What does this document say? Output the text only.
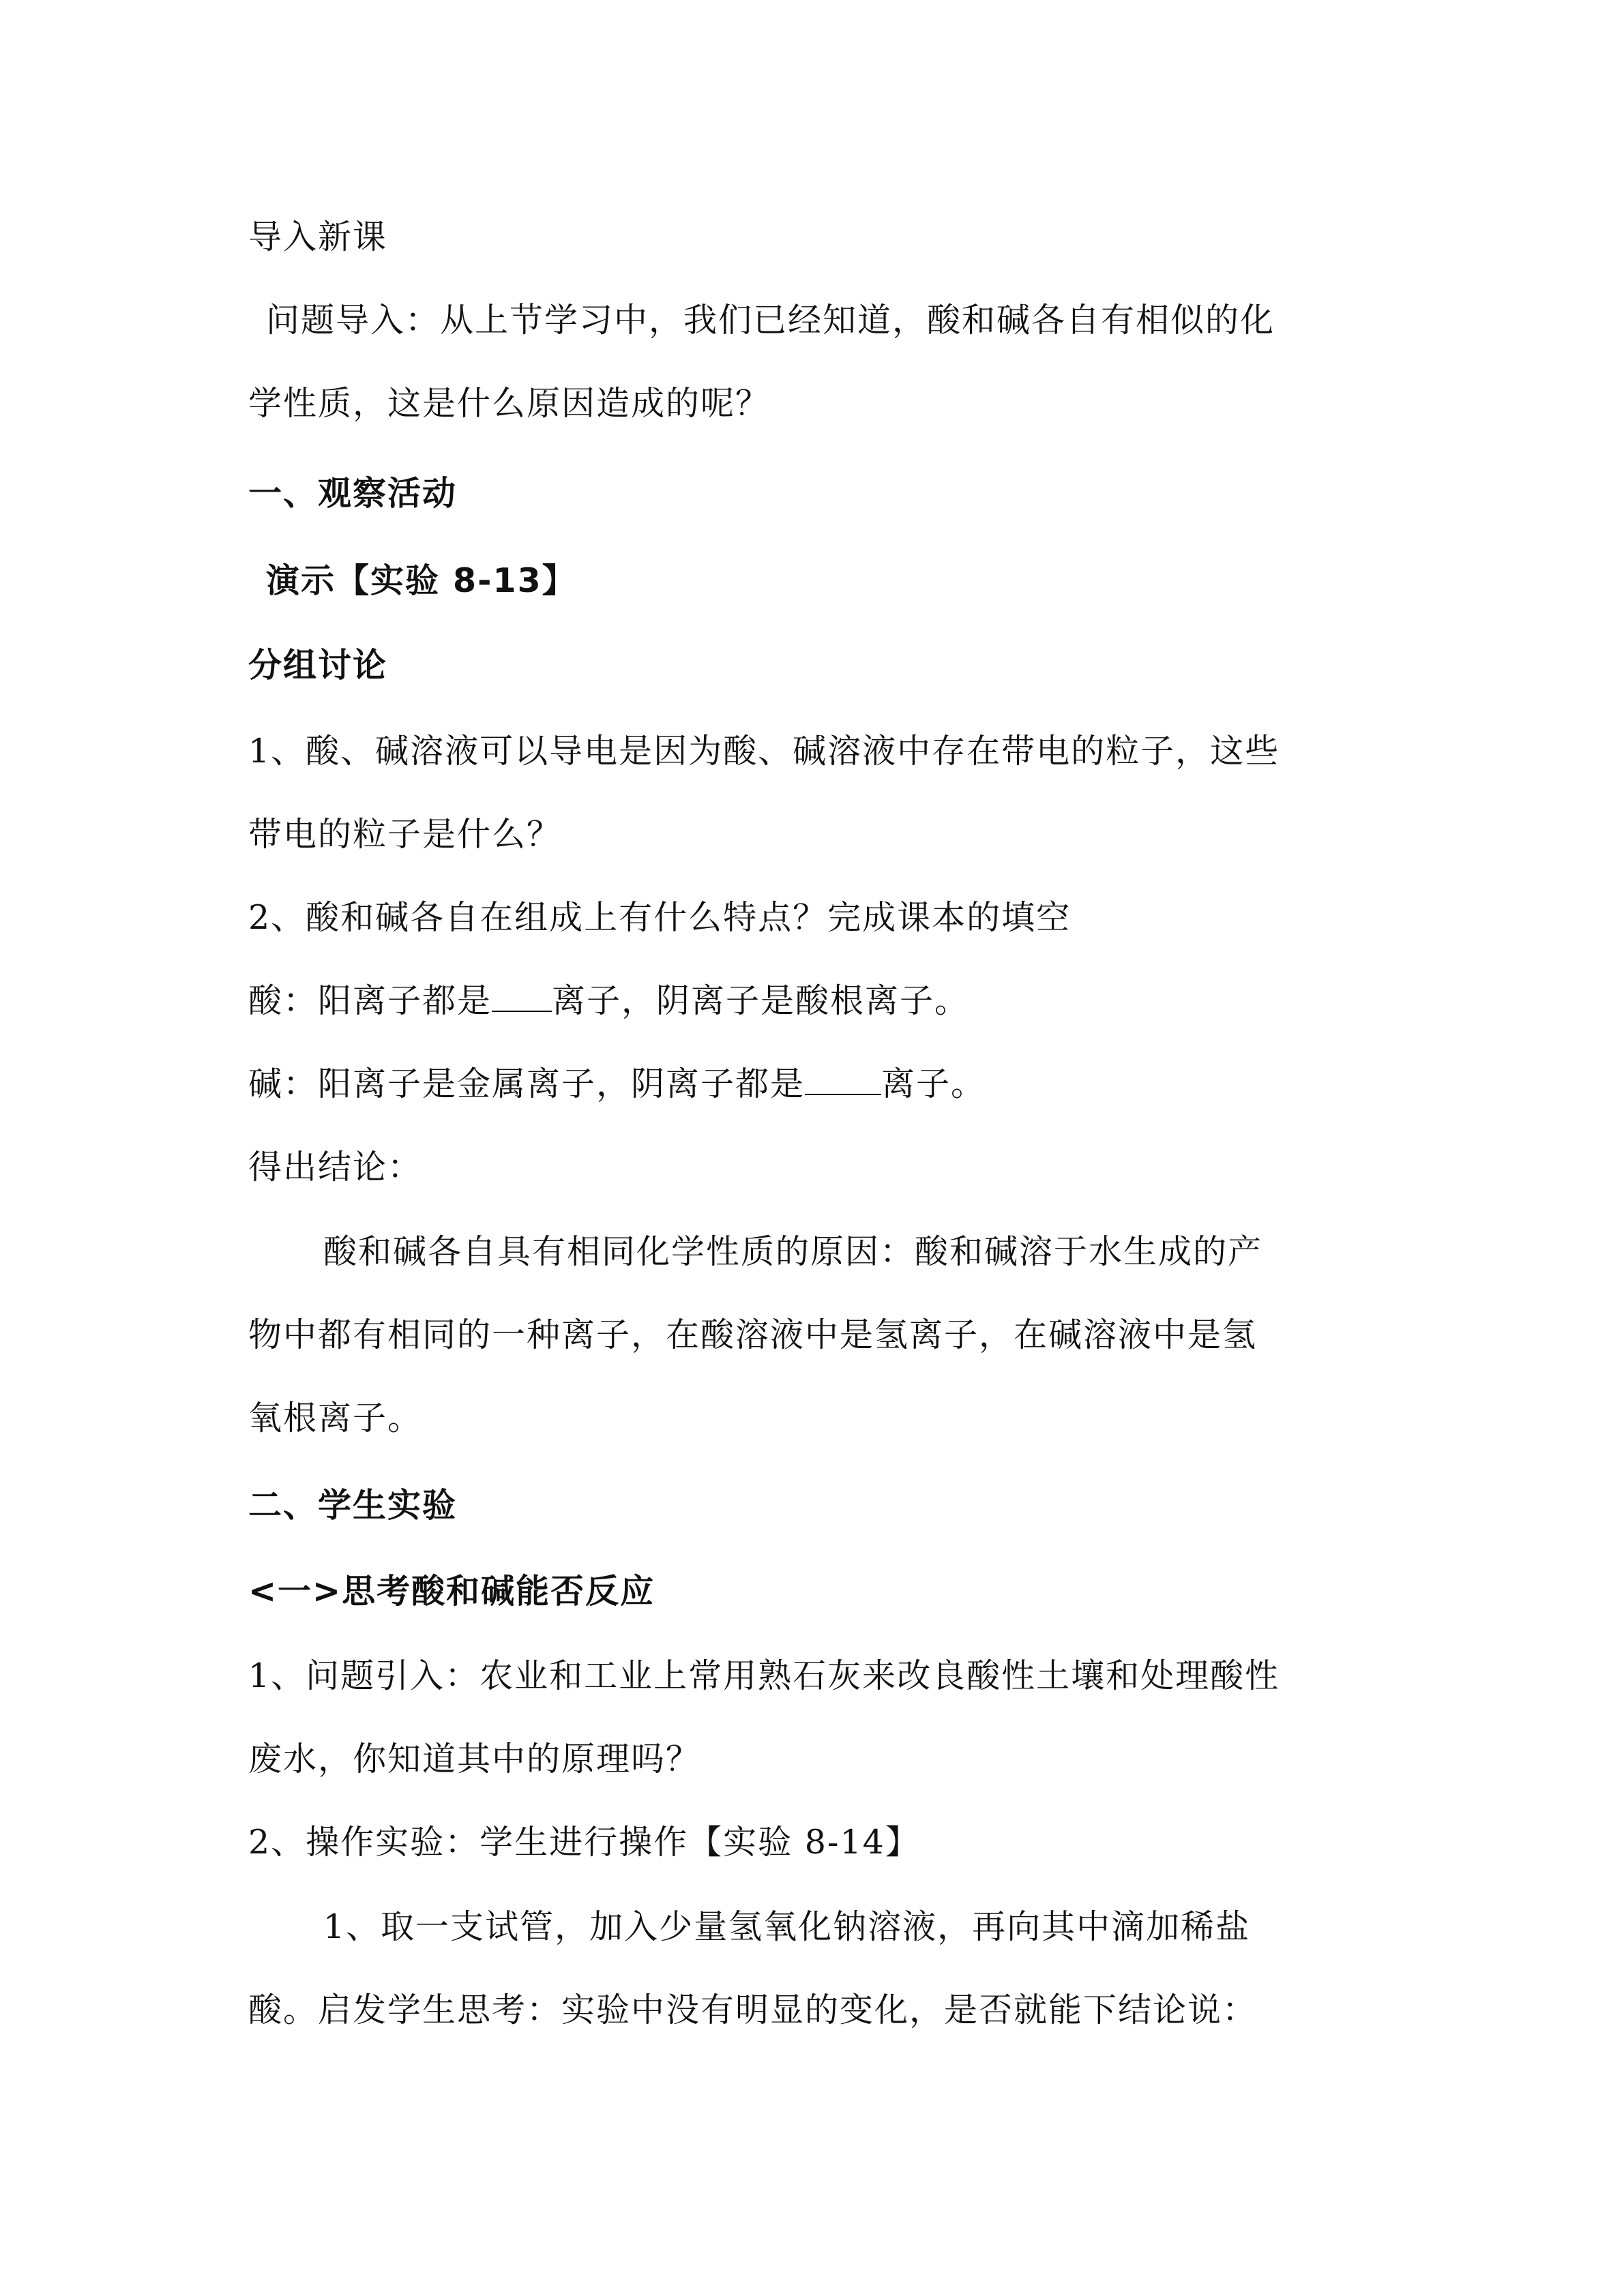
导入新课
问题导入：从上节学习中，我们已经知道，酸和碱各自有相似的化
学性质，这是什么原因造成的呢？
一、观察活动
演示【实验 8-13】
分组讨论
1、酸、碱溶液可以导电是因为酸、碱溶液中存在带电的粒子，这些
带电的粒子是什么？
2、酸和碱各自在组成上有什么特点？完成课本的填空
酸：阳离子都是 离子，阴离子是酸根离子。
碱：阳离子是金属离子，阴离子都是 离子。
得出结论：
酸和碱各自具有相同化学性质的原因：酸和碱溶于水生成的产
物中都有相同的一种离子，在酸溶液中是氢离子，在碱溶液中是氢
氧根离子。
二、学生实验
<一>思考酸和碱能否反应
1、问题引入：农业和工业上常用熟石灰来改良酸性土壤和处理酸性
废水，你知道其中的原理吗？
2、操作实验：学生进行操作【实验 8-14】
1、取一支试管，加入少量氢氧化钠溶液，再向其中滴加稀盐
酸。启发学生思考：实验中没有明显的变化，是否就能下结论说：
